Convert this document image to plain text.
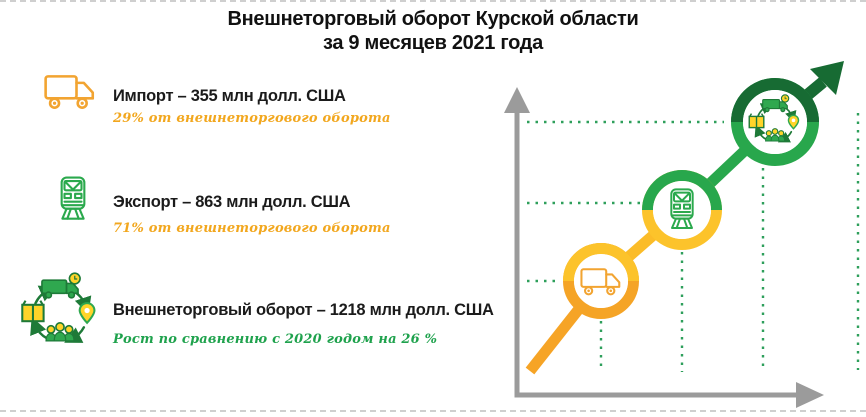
Внешнеторговый оборот Курской области
за 9 месяцев 2021 года
Импорт – 355 млн долл. США
29% от внешнеторгового оборота
Экспорт – 863 млн долл. США
71% от внешнеторгового оборота
Внешнеторговый оборот – 1218 млн долл. США
Рост по сравнению с 2020 годом на 26 %
